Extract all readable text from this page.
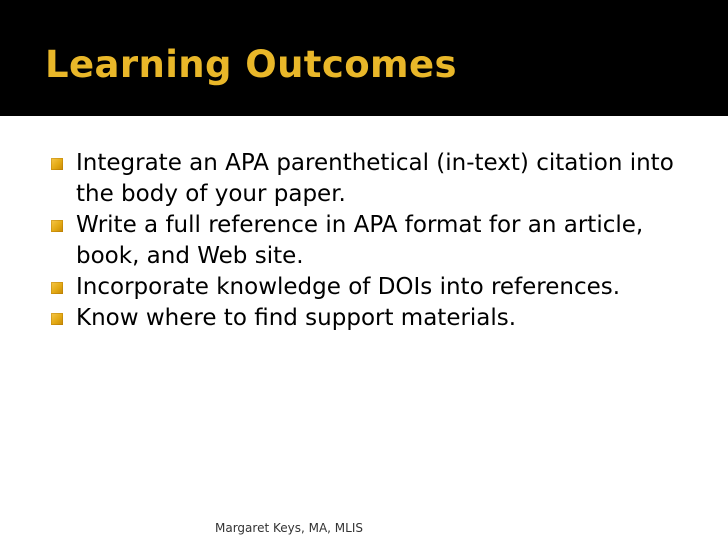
Learning Outcomes
Integrate an APA parenthetical (in-text) citation into the body of your paper.
Write a full reference in APA format for an article, book, and Web site.
Incorporate knowledge of DOIs into references.
Know where to find support materials.
Margaret Keys, MA, MLIS
